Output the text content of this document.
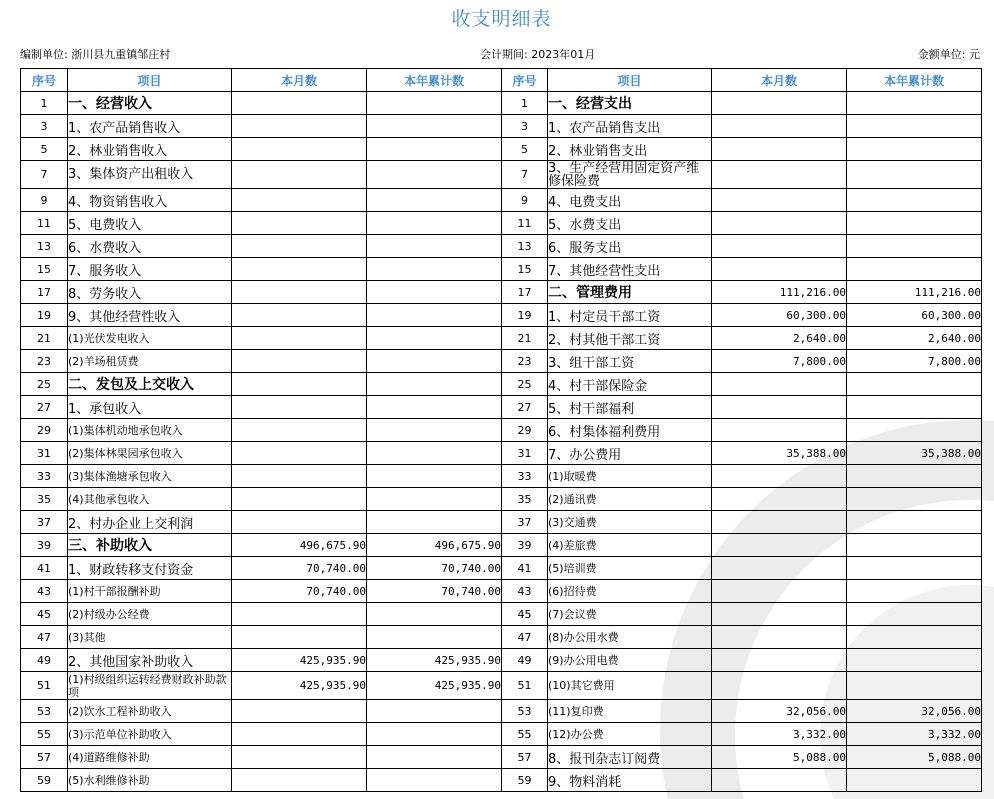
收支明细表
编制单位: 浙川县九重镇邹庄村	会计期间: 2023年01月	金额单位: 元
序号	项目	本月数	本年累计数	序号	项目	本月数	本年累计数
1	一、经营收入			1	一、经营支出		
3	1、农产品销售收入			3	1、农产品销售支出		
5	2、林业销售收入			5	2、林业销售支出		
7	3、集体资产出租收入			7	3、生产经营用固定资产维修保险费		
9	4、物资销售收入			9	4、电费支出		
11	5、电费收入			11	5、水费支出		
13	6、水费收入			13	6、服务支出		
15	7、服务收入			15	7、其他经营性支出		
17	8、劳务收入			17	二、管理费用	111,216.00	111,216.00
19	9、其他经营性收入			19	1、村定员干部工资	60,300.00	60,300.00
21	(1)光伏发电收入			21	2、村其他干部工资	2,640.00	2,640.00
23	(2)羊场租赁费			23	3、组干部工资	7,800.00	7,800.00
25	二、发包及上交收入			25	4、村干部保险金		
27	1、承包收入			27	5、村干部福利		
29	(1)集体机动地承包收入			29	6、村集体福利费用		
31	(2)集体林果园承包收入			31	7、办公费用	35,388.00	35,388.00
33	(3)集体渔塘承包收入			33	(1)取暖费		
35	(4)其他承包收入			35	(2)通讯费		
37	2、村办企业上交利润			37	(3)交通费		
39	三、补助收入	496,675.90	496,675.90	39	(4)差旅费		
41	1、财政转移支付资金	70,740.00	70,740.00	41	(5)培训费		
43	(1)村干部报酬补助	70,740.00	70,740.00	43	(6)招待费		
45	(2)村级办公经费			45	(7)会议费		
47	(3)其他			47	(8)办公用水费		
49	2、其他国家补助收入	425,935.90	425,935.90	49	(9)办公用电费		
51	(1)村级组织运转经费财政补助款项	425,935.90	425,935.90	51	(10)其它费用		
53	(2)饮水工程补助收入			53	(11)复印费	32,056.00	32,056.00
55	(3)示范单位补助收入			55	(12)办公费	3,332.00	3,332.00
57	(4)道路维修补助			57	8、报刊杂志订阅费	5,088.00	5,088.00
59	(5)水利维修补助			59	9、物料消耗		
